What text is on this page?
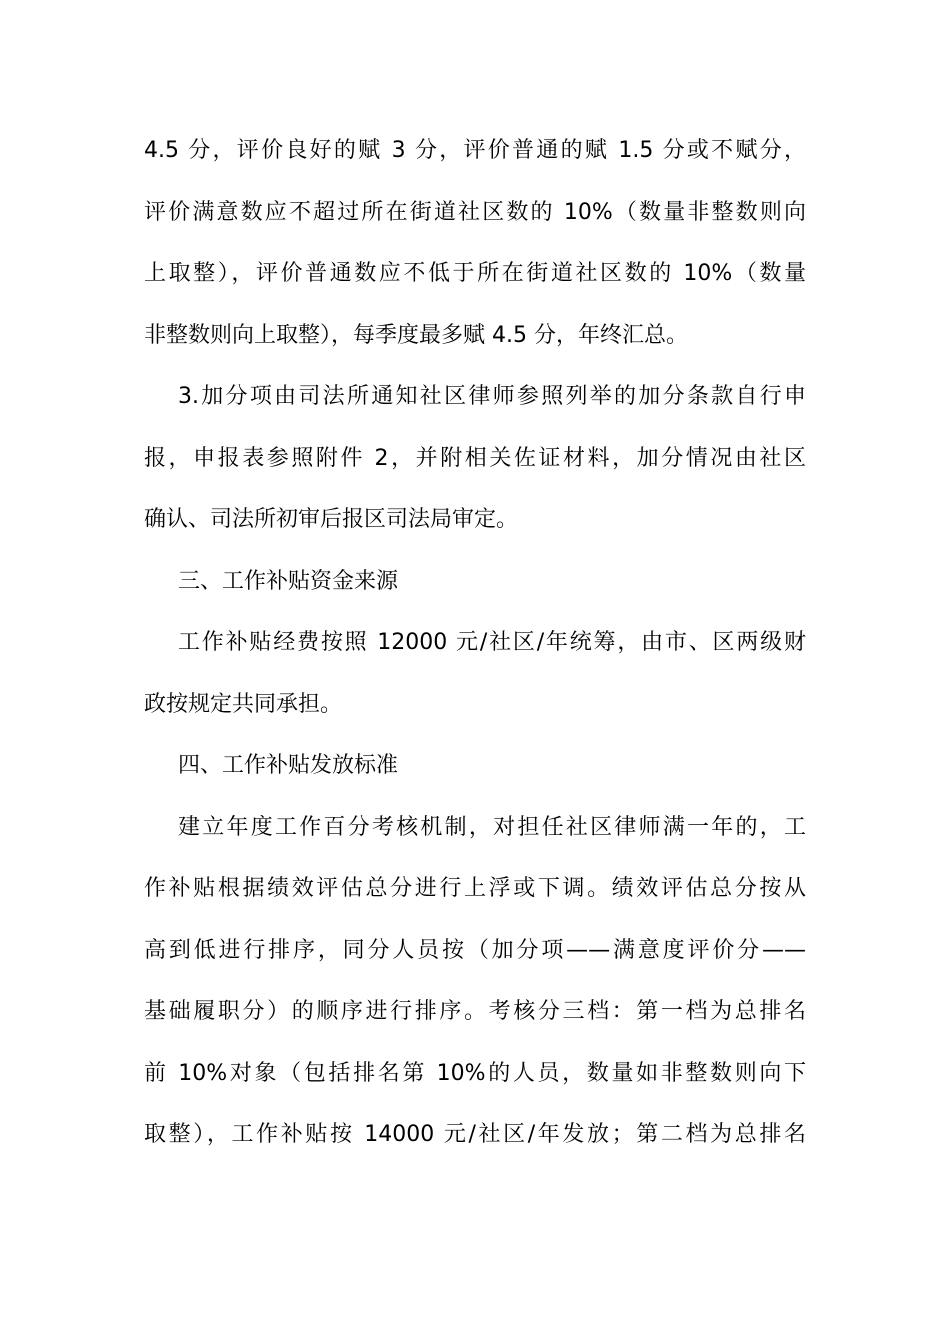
4.5 分，评价良好的赋 3 分，评价普通的赋 1.5 分或不赋分，
评价满意数应不超过所在街道社区数的 10%（数量非整数则向
上取整），评价普通数应不低于所在街道社区数的 10%（数量
非整数则向上取整），每季度最多赋 4.5 分，年终汇总。
3.加分项由司法所通知社区律师参照列举的加分条款自行申
报，申报表参照附件 2，并附相关佐证材料，加分情况由社区
确认、司法所初审后报区司法局审定。
三、工作补贴资金来源
工作补贴经费按照 12000 元/社区/年统筹，由市、区两级财
政按规定共同承担。
四、工作补贴发放标准
建立年度工作百分考核机制，对担任社区律师满一年的，工
作补贴根据绩效评估总分进行上浮或下调。绩效评估总分按从
高到低进行排序，同分人员按（加分项——满意度评价分——
基础履职分）的顺序进行排序。考核分三档：第一档为总排名
前 10%对象（包括排名第 10%的人员，数量如非整数则向下
取整），工作补贴按 14000 元/社区/年发放；第二档为总排名
